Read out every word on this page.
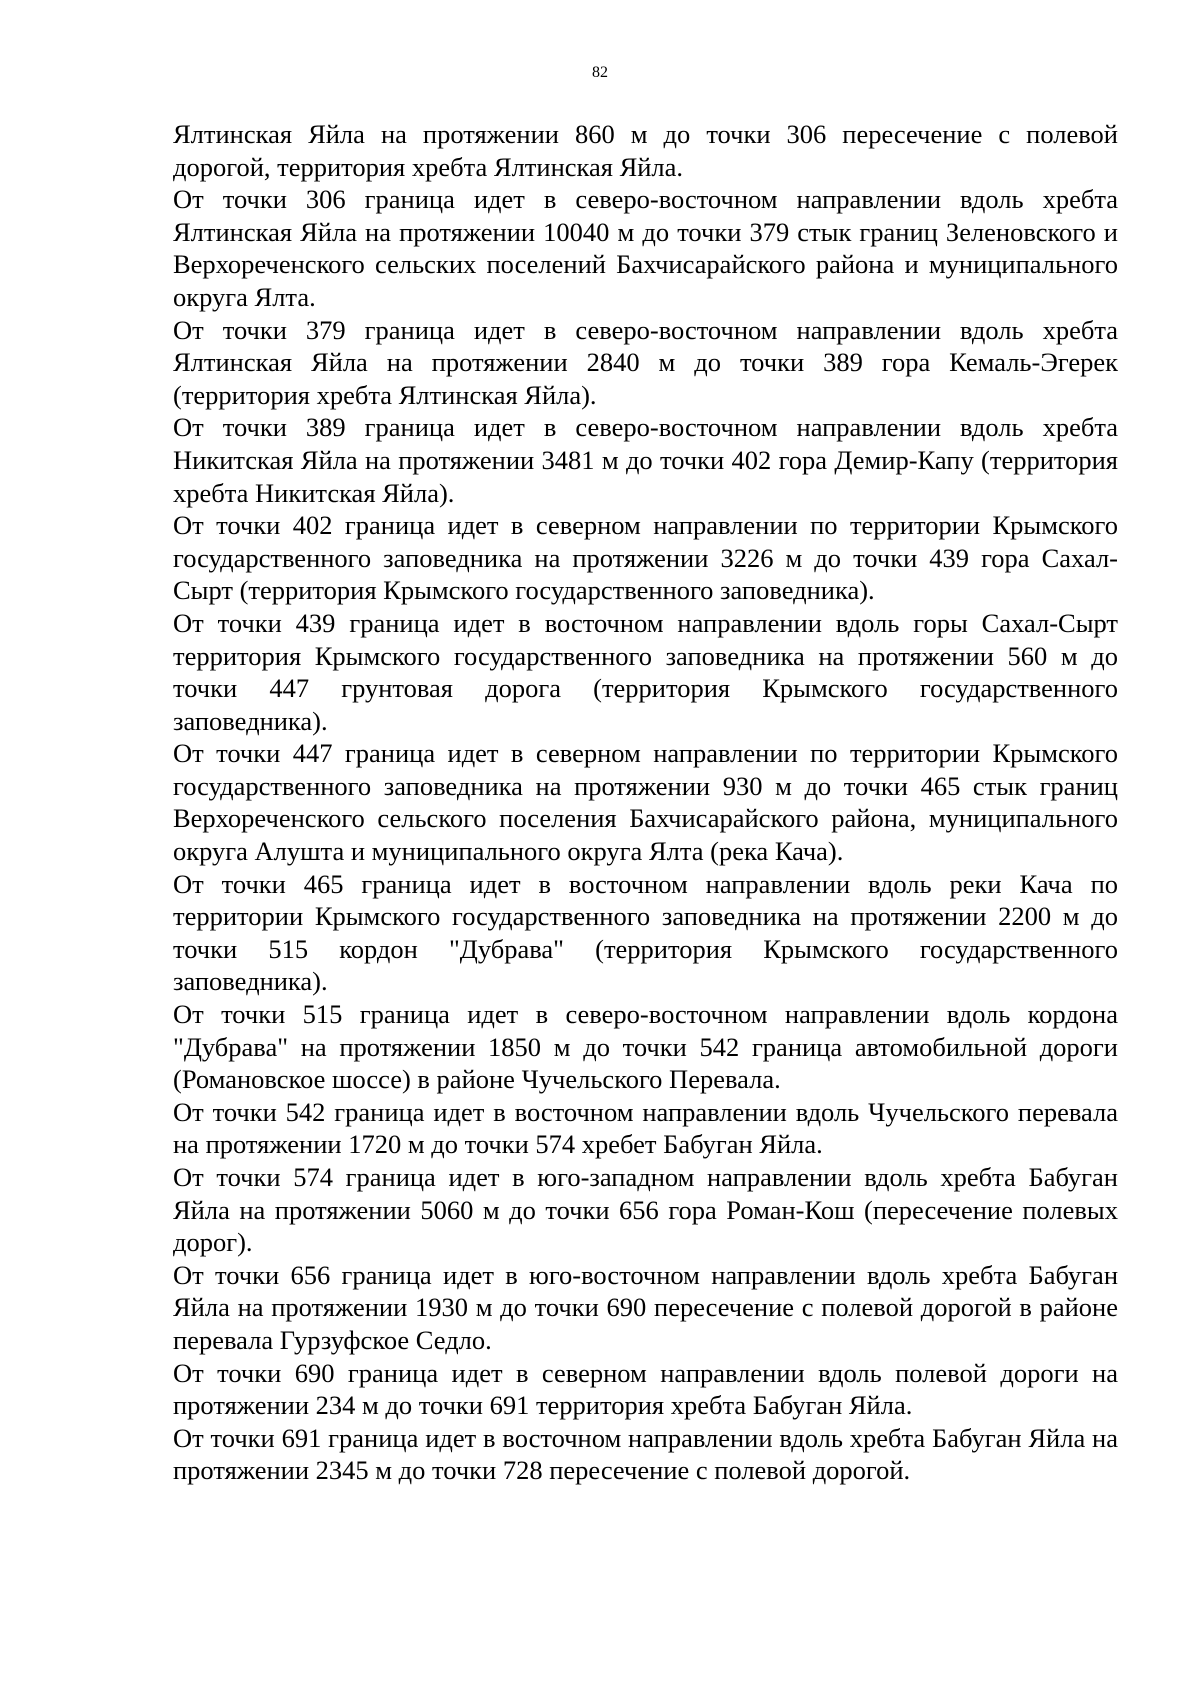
82

Ялтинская Яйла на протяжении 860 м до точки 306 пересечение с полевой дорогой, территория хребта Ялтинская Яйла.

От точки 306 граница идет в северо-восточном направлении вдоль хребта Ялтинская Яйла на протяжении 10040 м до точки 379 стык границ Зеленовского и Верхореченского сельских поселений Бахчисарайского района и муниципального округа Ялта.

От точки 379 граница идет в северо-восточном направлении вдоль хребта Ялтинская Яйла на протяжении 2840 м до точки 389 гора Кемаль-Эгерек (территория хребта Ялтинская Яйла).

От точки 389 граница идет в северо-восточном направлении вдоль хребта Никитская Яйла на протяжении 3481 м до точки 402 гора Демир-Капу (территория хребта Никитская Яйла).

От точки 402 граница идет в северном направлении по территории Крымского государственного заповедника на протяжении 3226 м до точки 439 гора Сахал-Сырт (территория Крымского государственного заповедника).

От точки 439 граница идет в восточном направлении вдоль горы Сахал-Сырт территория Крымского государственного заповедника на протяжении 560 м до точки 447 грунтовая дорога (территория Крымского государственного заповедника).

От точки 447 граница идет в северном направлении по территории Крымского государственного заповедника на протяжении 930 м до точки 465 стык границ Верхореченского сельского поселения Бахчисарайского района, муниципального округа Алушта и муниципального округа Ялта (река Кача).

От точки 465 граница идет в восточном направлении вдоль реки Кача по территории Крымского государственного заповедника на протяжении 2200 м до точки 515 кордон "Дубрава" (территория Крымского государственного заповедника).

От точки 515 граница идет в северо-восточном направлении вдоль кордона "Дубрава" на протяжении 1850 м до точки 542 граница автомобильной дороги (Романовское шоссе) в районе Чучельского Перевала.

От точки 542 граница идет в восточном направлении вдоль Чучельского перевала на протяжении 1720 м до точки 574 хребет Бабуган Яйла.

От точки 574 граница идет в юго-западном направлении вдоль хребта Бабуган Яйла на протяжении 5060 м до точки 656 гора Роман-Кош (пересечение полевых дорог).

От точки 656 граница идет в юго-восточном направлении вдоль хребта Бабуган Яйла на протяжении 1930 м до точки 690 пересечение с полевой дорогой в районе перевала Гурзуфское Седло.

От точки 690 граница идет в северном направлении вдоль полевой дороги на протяжении 234 м до точки 691 территория хребта Бабуган Яйла.

От точки 691 граница идет в восточном направлении вдоль хребта Бабуган Яйла на протяжении 2345 м до точки 728 пересечение с полевой дорогой.
